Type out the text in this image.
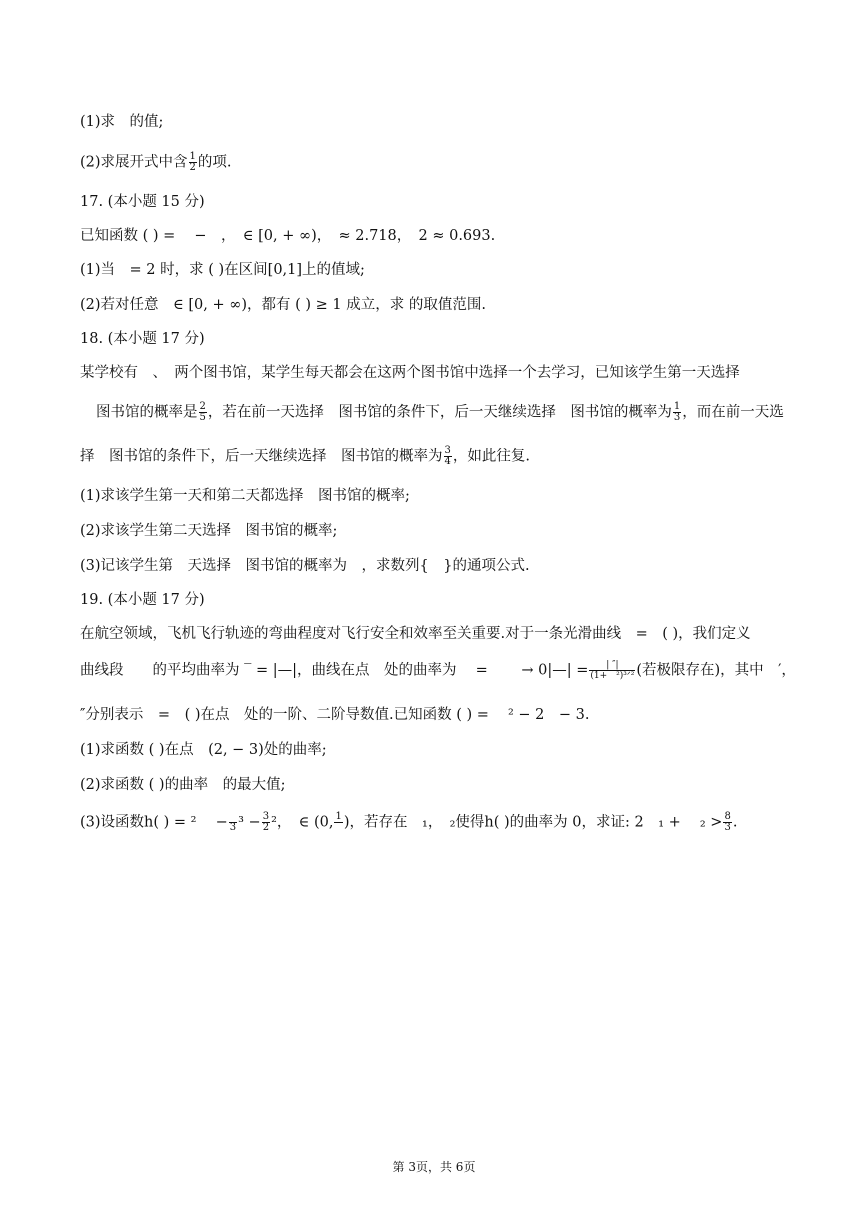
(1)求　的值;
(2)求展开式中含 $\frac{1}{2}$ 的项.
17. (本小题 15 分)
已知函数 ( ) =　 −　，　∈ [0, + ∞)，　≈ 2.718，　2 ≈ 0.693.
(1)当　= 2 时，求 ( )在区间[0,1]上的值域;
(2)若对任意　∈ [0, + ∞)，都有 ( ) ≥ 1 成立，求 的取值范围.
18. (本小题 17 分)
某学校有　、　两个图书馆，某学生每天都会在这两个图书馆中选择一个去学习，已知该学生第一天选择
图书馆的概率是 $\frac{2}{5}$ ，若在前一天选择　图书馆的条件下，后一天继续选择　图书馆的概率为 $\frac{1}{3}$ ，而在前一天选
择　图书馆的条件下，后一天继续选择　图书馆的概率为 $\frac{3}{4}$ ，如此往复.
(1)求该学生第一天和第二天都选择　图书馆的概率;
(2)求该学生第二天选择　图书馆的概率;
(3)记该学生第　天选择　图书馆的概率为　，求数列{　}的通项公式.
19. (本小题 17 分)
在航空领域，飞机飞行轨迹的弯曲程度对飞行安全和效率至关重要.对于一条光滑曲线　=　( )，我们定义
曲线段　　的平均曲率为 ‾ = |—|，曲线在点　处的曲率为　 =　 　→ 0|—| = $\frac{| ''|}{\text{(1+　²)³ᐟ²}}$ (若极限存在)，其中　′，
″分别表示　=　( )在点　处的一阶、二阶导数值.已知函数 ( ) = 　² − 2　− 3.
(1)求函数 ( )在点　(2, − 3)处的曲率;
(2)求函数 ( )的曲率　的最大值;
(3)设函数h( ) = ²　 −
3 $^3 - \frac{3}{2} ^2$，　∈ (0, 1
)，若存在　₁，　₂使得h( )的曲率为 0，求证: 2　₁ + 　$_2 > \frac{8}{3}$ .
第 3页，共 6页
